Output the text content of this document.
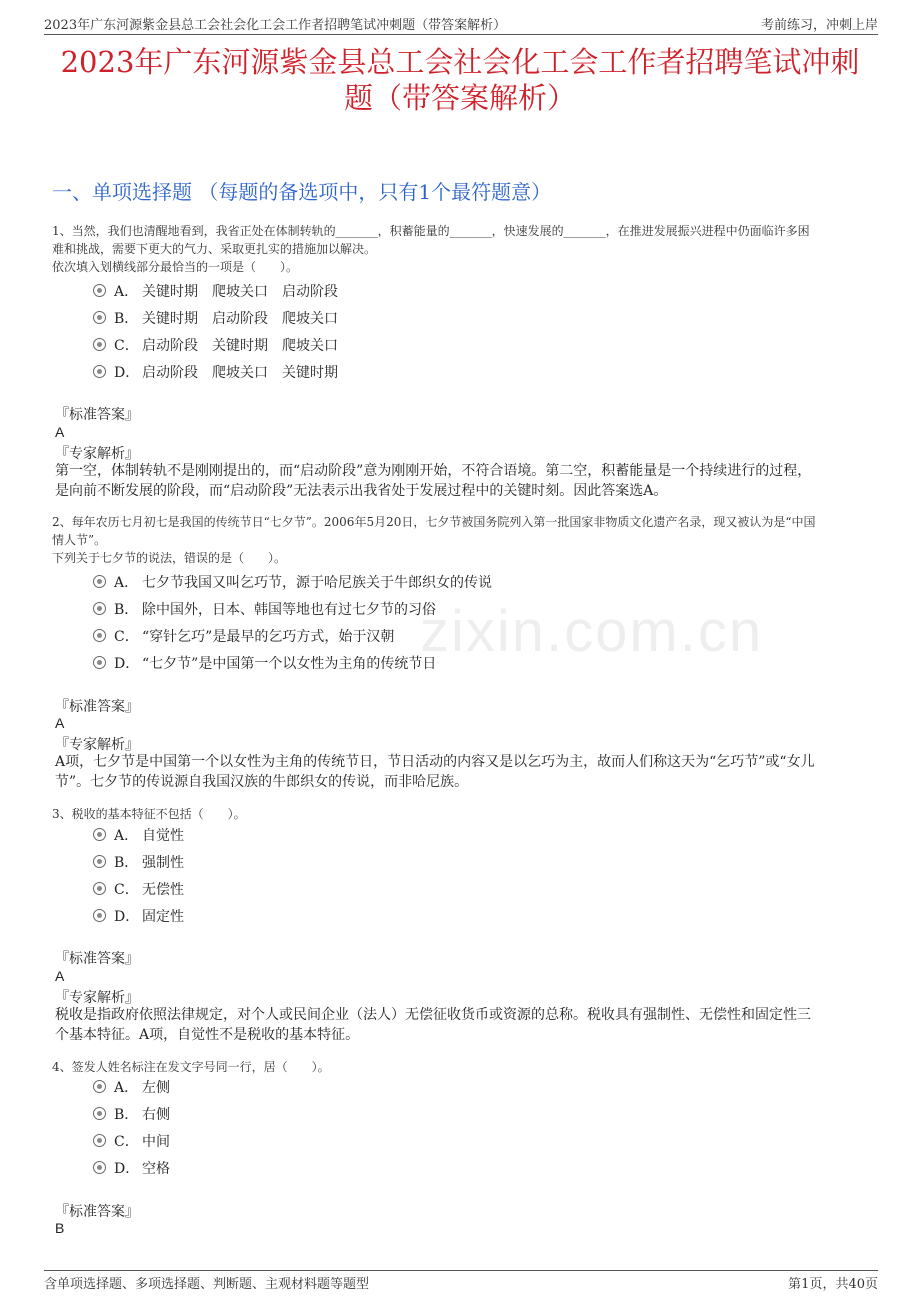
2023年广东河源紫金县总工会社会化工会工作者招聘笔试冲刺题（带答案解析）	考前练习，冲刺上岸
2023年广东河源紫金县总工会社会化工会工作者招聘笔试冲刺
题（带答案解析）
一、单项选择题 （每题的备选项中，只有1个最符题意）
zixin.com.cn
1、当然，我们也清醒地看到，我省正处在体制转轨的_______，积蓄能量的_______，快速发展的_______，在推进发展振兴进程中仍面临许多困
难和挑战，需要下更大的气力、采取更扎实的措施加以解决。
依次填入划横线部分最恰当的一项是（　　）。
A． 关键时期　爬坡关口　启动阶段
B． 关键时期　启动阶段　爬坡关口
C． 启动阶段　关键时期　爬坡关口
D． 启动阶段　爬坡关口　关键时期
『标准答案』
A
『专家解析』
第一空，体制转轨不是刚刚提出的，而“启动阶段”意为刚刚开始，不符合语境。第二空，积蓄能量是一个持续进行的过程，
是向前不断发展的阶段，而“启动阶段”无法表示出我省处于发展过程中的关键时刻。因此答案选A。
2、每年农历七月初七是我国的传统节日“七夕节”。2006年5月20日，七夕节被国务院列入第一批国家非物质文化遗产名录，现又被认为是“中国
情人节”。
下列关于七夕节的说法，错误的是（　　）。
A． 七夕节我国又叫乞巧节，源于哈尼族关于牛郎织女的传说
B． 除中国外，日本、韩国等地也有过七夕节的习俗
C． “穿针乞巧”是最早的乞巧方式，始于汉朝
D． “七夕节”是中国第一个以女性为主角的传统节日
『标准答案』
A
『专家解析』
A项，七夕节是中国第一个以女性为主角的传统节日，节日活动的内容又是以乞巧为主，故而人们称这天为“乞巧节”或“女儿
节”。七夕节的传说源自我国汉族的牛郎织女的传说，而非哈尼族。
3、税收的基本特征不包括（　　）。
A． 自觉性
B． 强制性
C． 无偿性
D． 固定性
『标准答案』
A
『专家解析』
税收是指政府依照法律规定，对个人或民间企业（法人）无偿征收货币或资源的总称。税收具有强制性、无偿性和固定性三
个基本特征。A项，自觉性不是税收的基本特征。
4、签发人姓名标注在发文字号同一行，居（　　）。
A． 左侧
B． 右侧
C． 中间
D． 空格
『标准答案』
B
含单项选择题、多项选择题、判断题、主观材料题等题型	第1页，共40页
